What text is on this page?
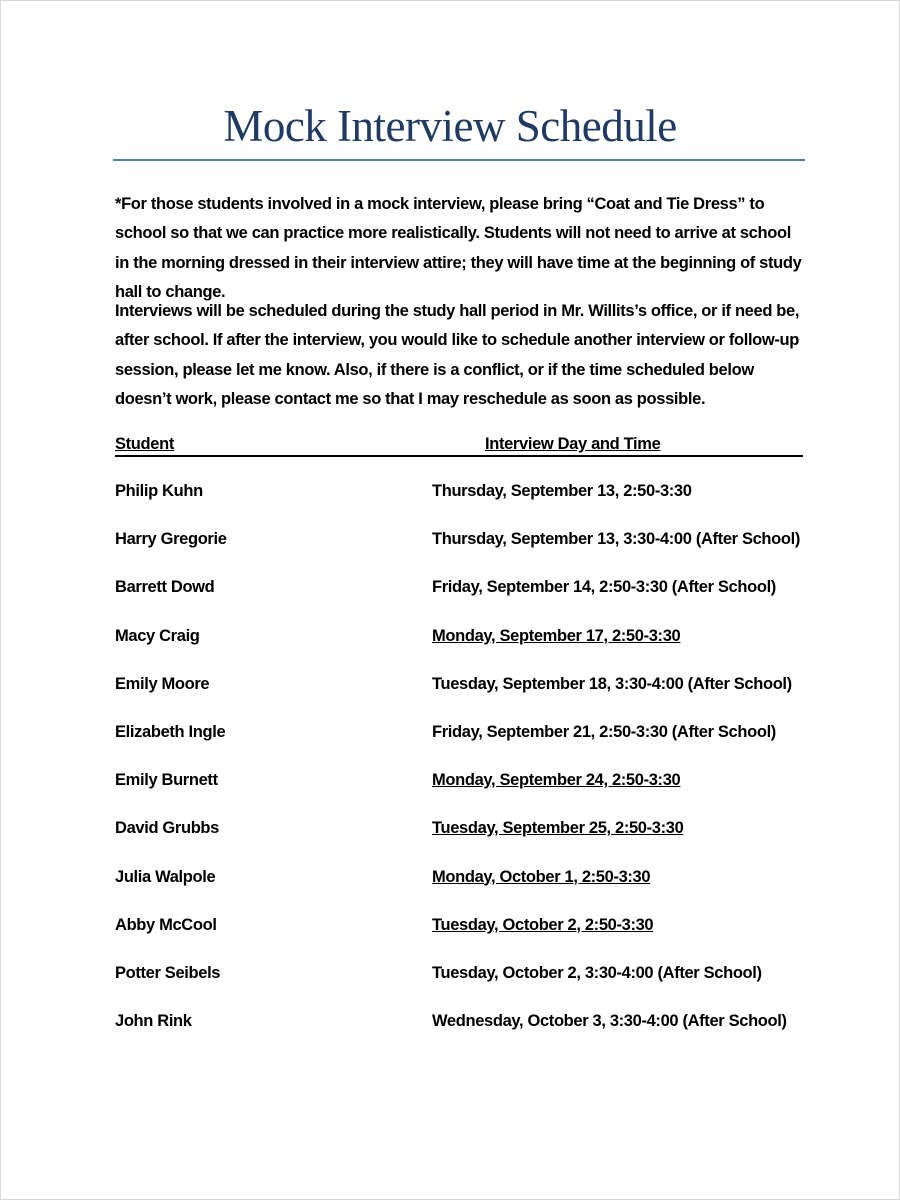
Mock Interview Schedule

*For those students involved in a mock interview, please bring “Coat and Tie Dress” to school so that we can practice more realistically. Students will not need to arrive at school in the morning dressed in their interview attire; they will have time at the beginning of study hall to change.

Interviews will be scheduled during the study hall period in Mr. Willits’s office, or if need be, after school. If after the interview, you would like to schedule another interview or follow-up session, please let me know. Also, if there is a conflict, or if the time scheduled below doesn’t work, please contact me so that I may reschedule as soon as possible.

Student	Interview Day and Time
Philip Kuhn	Thursday, September 13, 2:50-3:30
Harry Gregorie	Thursday, September 13, 3:30-4:00 (After School)
Barrett Dowd	Friday, September 14, 2:50-3:30 (After School)
Macy Craig	Monday, September 17, 2:50-3:30
Emily Moore	Tuesday, September 18, 3:30-4:00 (After School)
Elizabeth Ingle	Friday, September 21, 2:50-3:30 (After School)
Emily Burnett	Monday, September 24, 2:50-3:30
David Grubbs	Tuesday, September 25, 2:50-3:30
Julia Walpole	Monday, October 1, 2:50-3:30
Abby McCool	Tuesday, October 2, 2:50-3:30
Potter Seibels	Tuesday, October 2, 3:30-4:00 (After School)
John Rink	Wednesday, October 3, 3:30-4:00 (After School)
